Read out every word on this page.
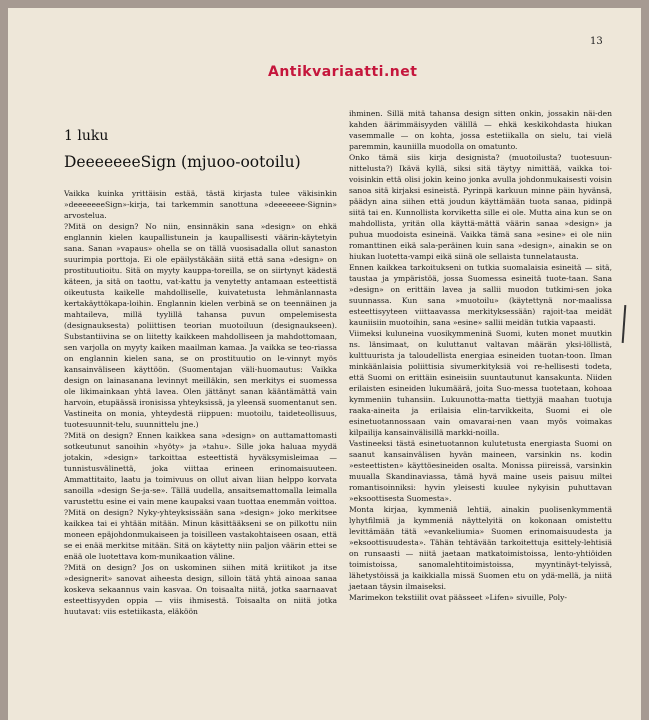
13
Antikvariaatti.net
1 luku
DeeeeeeeSign (mjuoo-ootoilu)

Vaikka kuinka yrittäisin estää, tästä kirjasta tulee väkisinkin »deeeeeeeSign»-kirja, tai tarkemmin sanottuna »deeeeeee-Signin» arvostelua.

?Mitä on design? No niin, ensinnäkin sana »design» on ehkä englannin kielen kaupallistunein ja kaupallisesti väärin-käytetyin sana. Sanan »vapaus» ohella se on tällä vuosisadalla ollut sanaston suurimpia porttoja. Ei ole epäilystäkään siitä että sana »design» on prostituutioitu. Sitä on myyty kauppa-toreilla, se on siirtynyt kädestä käteen, ja sitä on taottu, vat-kattu ja venytetty antamaan esteettistä oikeutusta kaikelle mahdolliselle, kuivatetusta lehmänlannasta kertakäyttökapa-loihin. Englannin kielen verbinä se on teennäinen ja mahtaileva, millä tyylillä tahansa puvun ompelemisesta (designauksesta) poliittisen teorian muotoiluun (designaukseen). Substantiivina se on liitetty kaikkeen mahdolliseen ja mahdottomaan, sen varjolla on myyty kaiken maailman kamaa. Ja vaikka se teo-riassa on englannin kielen sana, se on prostituutio on le-vinnyt myös kansainväliseen käyttöön. (Suomentajan väli-huomautus: Vaikka design on lainasanana levinnyt meilläkin, sen merkitys ei suomessa ole likimainkaan yhtä lavea. Olen jättänyt sanan kääntämättä vain harvoin, etupäässä ironisissa yhteyksissä, ja yleensä suomentanut sen. Vastineita on monia, yhteydestä riippuen: muotoilu, taideteollisuus, tuotesuunnit-telu, suunnittelu jne.)

?Mitä on design? Ennen kaikkea sana »design» on auttamattomasti sotkeutunut sanoihin »hyöty» ja »tahu». Sille joka haluaa myydä jotakin, »design» tarkoittaa esteettistä hyväksymisleimaa — tunnistusvälinettä, joka viittaa erineen erinomaisuuteen. Ammattitaito, laatu ja toimivuus on ollut aivan liian helppo korvata sanoilla »design Se-ja-se». Tällä uudella, ansaitsemattomalla leimalla varustettu esine ei vain mene kaupaksi vaan tuottaa enemmän voittoa.

?Mitä on design? Nyky-yhteyksissään sana »design» joko merkitsee kaikkea tai ei yhtään mitään. Minun käsittääkseni se on pilkottu niin moneen epäjohdonmukaiseen ja toisilleen vastakohtaiseen osaan, että se ei enää merkitse mitään. Sitä on käytetty niin paljon väärin ettei se enää ole luotettava kom-munikaation väline.

?Mitä on design? Jos on uskominen siihen mitä kriitikot ja itse »designerit» sanovat aiheesta design, silloin tätä yhtä ainoaa sanaa koskeva sekaannus vain kasvaa. On toisaalta niitä, jotka saarnaavat esteettisyyden oppia — viis ihmisestä. Toisaalta on niitä jotka huutavat: viis estetiikasta, eläköön

ihminen. Sillä mitä tahansa design sitten onkin, jossakin näi-den kahden äärimmäisyyden välillä — ehkä keskikohdasta hiukan vasemmalle — on kohta, jossa estetiikalla on sielu, tai vielä paremmin, kauniilla muodolla on omatunto.

Onko tämä siis kirja designista? (muotoilusta? tuotesuun-nittelusta?) Ikävä kyllä, siksi sitä täytyy nimittää, vaikka toi-voisinkin että olisi jokin keino jonka avulla johdonmukaisesti voisin sanoa sitä kirjaksi esineistä. Pyrinpä karkuun minne päin hyvänsä, päädyn aina siihen että joudun käyttämään tuota sanaa, pidinpä siitä tai en. Kunnollista korviketta sille ei ole. Mutta aina kun se on mahdollista, yritän olla käyttä-mättä väärin sanaa »design» ja puhua muodoista esineinä. Vaikka tämä sana »esine» ei ole niin romanttinen eikä sala-peräinen kuin sana »design», ainakin se on hiukan luotetta-vampi eikä siinä ole sellaista tunnelatausta.

Ennen kaikkea tarkoitukseni on tutkia suomalaisia esineitä — sitä, taustaa ja ympäristöä, jossa Suomessa esineitä tuote-taan. Sana »design» on erittäin lavea ja sallii muodon tutkimi-sen joka suunnassa. Kun sana »muotoilu» (käytettynä nor-maalissa esteettisyyteen viittaavassa merkityksessään) rajoit-taa meidät kauniisiin muotoihin, sana »esine» sallii meidän tutkia vapaasti.

Viimeksi kuluneina vuosikymmeninä Suomi, kuten monet muutkin ns. länsimaat, on kuluttanut valtavan määrän yksi-löllistä, kulttuurista ja taloudellista energiaa esineiden tuotan-toon. Ilman minkäänlaisia poliittisia sivumerkityksiä voi re-hellisesti todeta, että Suomi on erittäin esineisiin suuntautunut kansakunta. Niiden erilaisten esineiden lukumäärä, joita Suo-messa tuotetaan, kohoaa kymmeniin tuhansiin. Lukuunotta-matta tiettyjä maahan tuotuja raaka-aineita ja erilaisia elin-tarvikkeita, Suomi ei ole esinetuotannossaan vain omavarai-nen vaan myös voimakas kilpailija kansainvälisillä markki-noilla.

Vastineeksi tästä esinetuotannon kulutetusta energiasta Suomi on saanut kansainvälisen hyvän maineen, varsinkin ns. kodin »esteettisten» käyttöesineiden osalta. Monissa piireissä, varsinkin muualla Skandinaviassa, tämä hyvä maine useis paisuu miltei romantisoinniksi: hyvin yleisesti kuulee nykyisin puhuttavan »eksoottisesta Suomesta».

Monta kirjaa, kymmeniä lehtiä, ainakin puolisenkymmentä lyhytfilmiä ja kymmeniä näyttelyitä on kokonaan omistettu levittämään tätä »evankeliumia» Suomen erinomaisuudesta ja »eksoottisuudesta». Tähän tehtävään tarkoitettuja esittely-lehtisiä on runsaasti — niitä jaetaan matkatoimistoissa, lento-yhtiöiden toimistoissa, sanomalehtitoimistoissa, myyntinäyt-telyissä, lähetystöissä ja kaikkialla missä Suomen etu on ydä-mellä, ja niitä jaetaan täysin ilmaiseksi.

Marimekon tekstiilit ovat päässeet »Lifen» sivuille, Poly-
